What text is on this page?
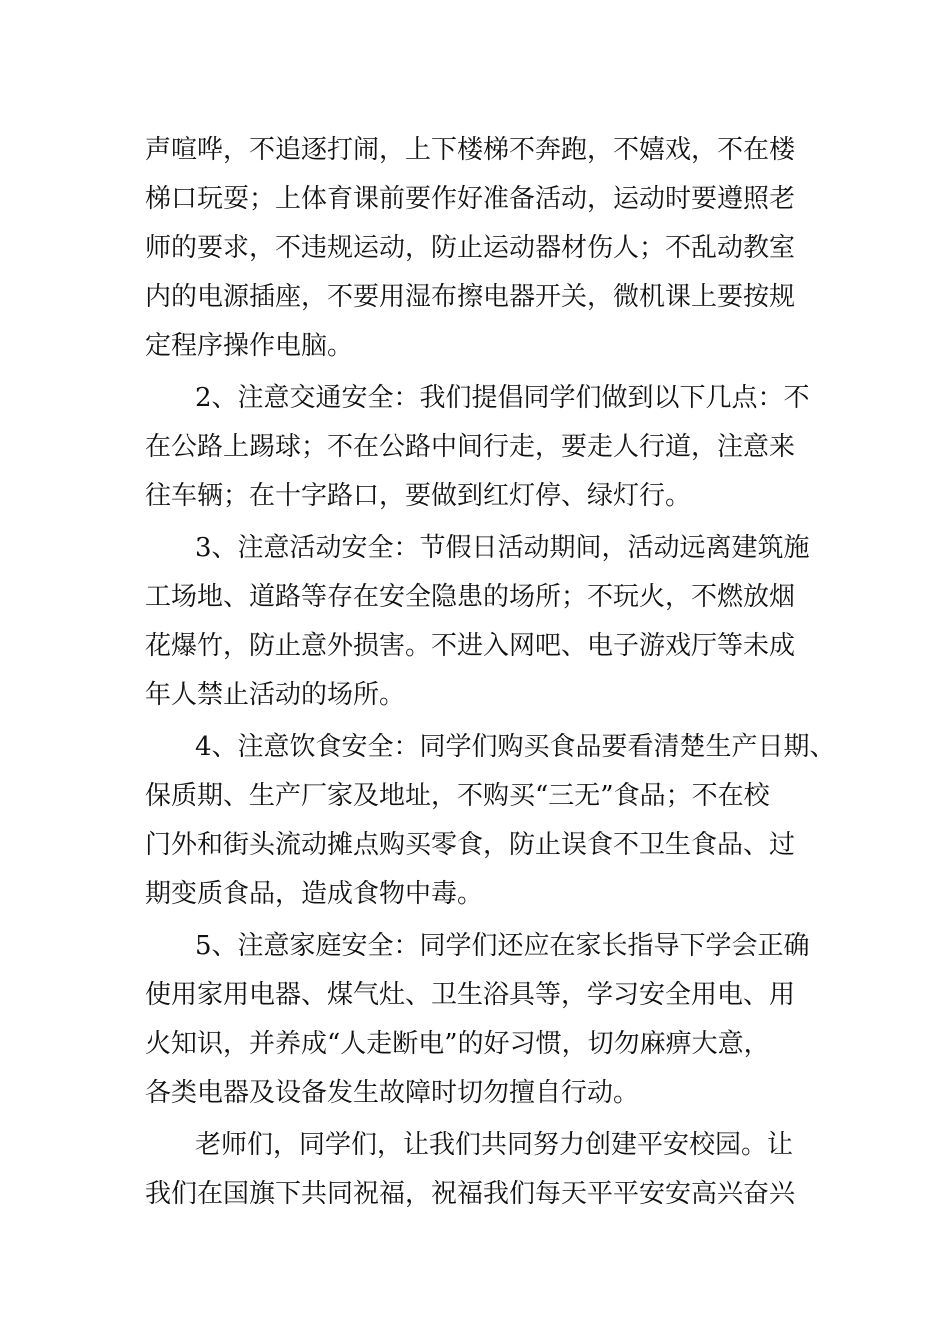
声喧哗，不追逐打闹，上下楼梯不奔跑，不嬉戏，不在楼
梯口玩耍；上体育课前要作好准备活动，运动时要遵照老
师的要求，不违规运动，防止运动器材伤人；不乱动教室
内的电源插座，不要用湿布擦电器开关，微机课上要按规
定程序操作电脑。
2、注意交通安全：我们提倡同学们做到以下几点：不
在公路上踢球；不在公路中间行走，要走人行道，注意来
往车辆；在十字路口，要做到红灯停、绿灯行。
3、注意活动安全：节假日活动期间，活动远离建筑施
工场地、道路等存在安全隐患的场所；不玩火，不燃放烟
花爆竹，防止意外损害。不进入网吧、电子游戏厅等未成
年人禁止活动的场所。
4、注意饮食安全：同学们购买食品要看清楚生产日期、
保质期、生产厂家及地址，不购买“三无”食品；不在校
门外和街头流动摊点购买零食，防止误食不卫生食品、过
期变质食品，造成食物中毒。
5、注意家庭安全：同学们还应在家长指导下学会正确
使用家用电器、煤气灶、卫生浴具等，学习安全用电、用
火知识，并养成“人走断电”的好习惯，切勿麻痹大意，
各类电器及设备发生故障时切勿擅自行动。
老师们，同学们，让我们共同努力创建平安校园。让
我们在国旗下共同祝福，祝福我们每天平平安安高兴奋兴
